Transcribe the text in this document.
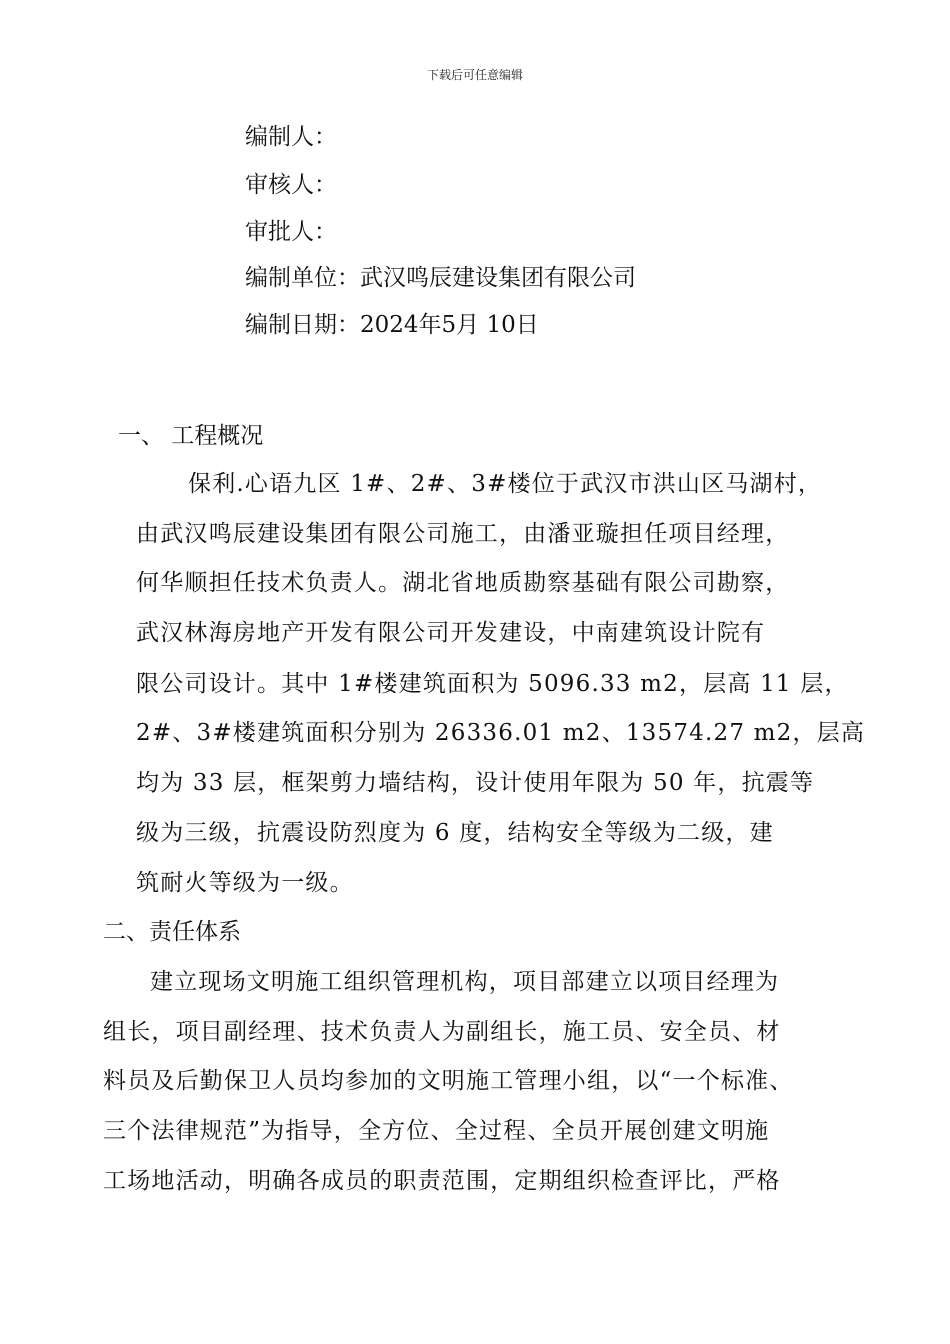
下载后可任意编辑
编制人：
审核人：
审批人：
编制单位：武汉鸣辰建设集团有限公司
编制日期：2024年5月 10日
一、 工程概况
保利.心语九区 1#、2#、3#楼位于武汉市洪山区马湖村，
由武汉鸣辰建设集团有限公司施工，由潘亚璇担任项目经理，
何华顺担任技术负责人。湖北省地质勘察基础有限公司勘察，
武汉林海房地产开发有限公司开发建设，中南建筑设计院有
限公司设计。其中 1#楼建筑面积为 5096.33 m2，层高 11 层，
2#、3#楼建筑面积分别为 26336.01 m2、13574.27 m2，层高
均为 33 层，框架剪力墙结构，设计使用年限为 50 年，抗震等
级为三级，抗震设防烈度为 6 度，结构安全等级为二级，建
筑耐火等级为一级。
二、责任体系
建立现场文明施工组织管理机构，项目部建立以项目经理为
组长，项目副经理、技术负责人为副组长，施工员、安全员、材
料员及后勤保卫人员均参加的文明施工管理小组，以“一个标准、
三个法律规范”为指导，全方位、全过程、全员开展创建文明施
工场地活动，明确各成员的职责范围，定期组织检查评比，严格
